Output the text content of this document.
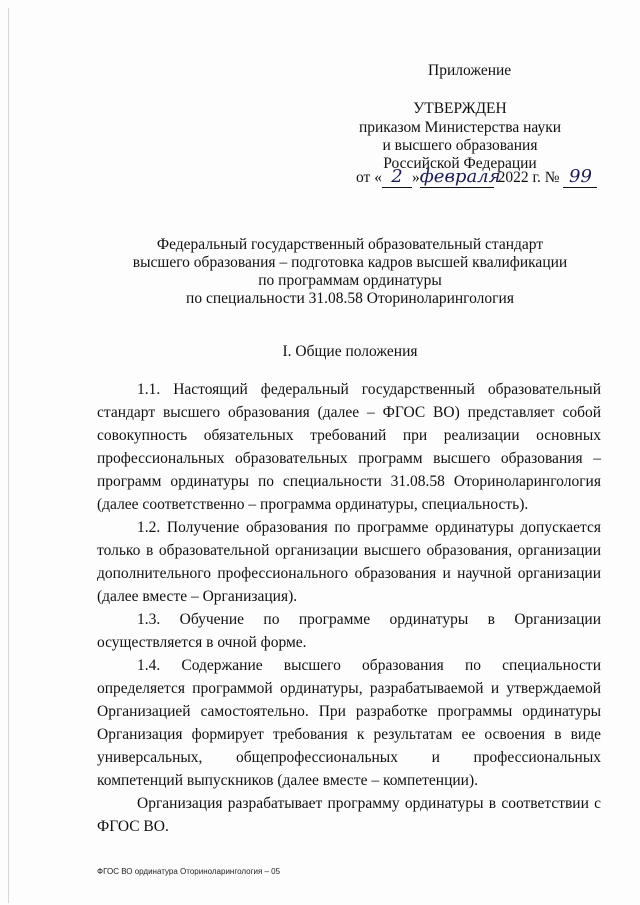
Приложение
УТВЕРЖДЕН
приказом Министерства науки
и высшего образования
Российской Федерации
от « 2 »февраля 2022 г. № 99
Федеральный государственный образовательный стандарт
высшего образования – подготовка кадров высшей квалификации
по программам ординатуры
по специальности 31.08.58 Оториноларингология
I. Общие положения

1.1. Настоящий федеральный государственный образовательный стандарт высшего образования (далее – ФГОС ВО) представляет собой совокупность обязательных требований при реализации основных профессиональных образовательных программ высшего образования – программ ординатуры по специальности 31.08.58 Оториноларингология (далее соответственно – программа ординатуры, специальность).

1.2. Получение образования по программе ординатуры допускается только в образовательной организации высшего образования, организации дополнительного профессионального образования и научной организации (далее вместе – Организация).

1.3. Обучение по программе ординатуры в Организации осуществляется в очной форме.

1.4. Содержание высшего образования по специальности определяется программой ординатуры, разрабатываемой и утверждаемой Организацией самостоятельно. При разработке программы ординатуры Организация формирует требования к результатам ее освоения в виде универсальных, общепрофессиональных и профессиональных компетенций выпускников (далее вместе – компетенции).

Организация разрабатывает программу ординатуры в соответствии с ФГОС ВО.

ФГОС ВО ординатура Оториноларингология – 05
